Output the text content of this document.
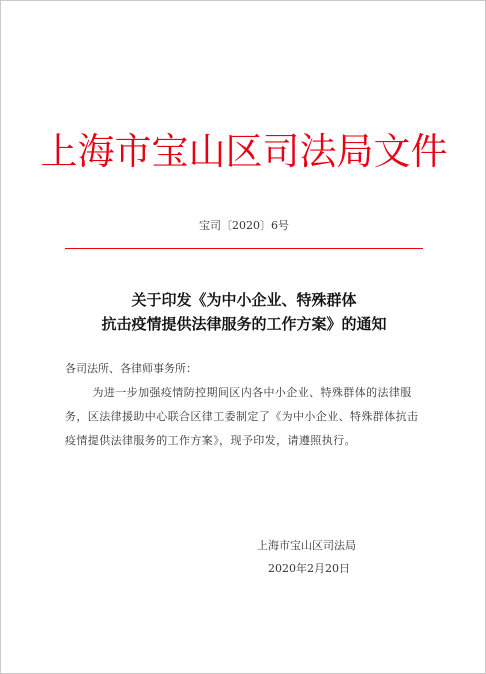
上海市宝山区司法局文件
宝司〔2020〕6号
关于印发《为中小企业、特殊群体
抗击疫情提供法律服务的工作方案》的通知
各司法所、各律师事务所：
为进一步加强疫情防控期间区内各中小企业、特殊群体的法律服务，区法律援助中心联合区律工委制定了《为中小企业、特殊群体抗击疫情提供法律服务的工作方案》，现予印发，请遵照执行。
上海市宝山区司法局
2020年2月20日
